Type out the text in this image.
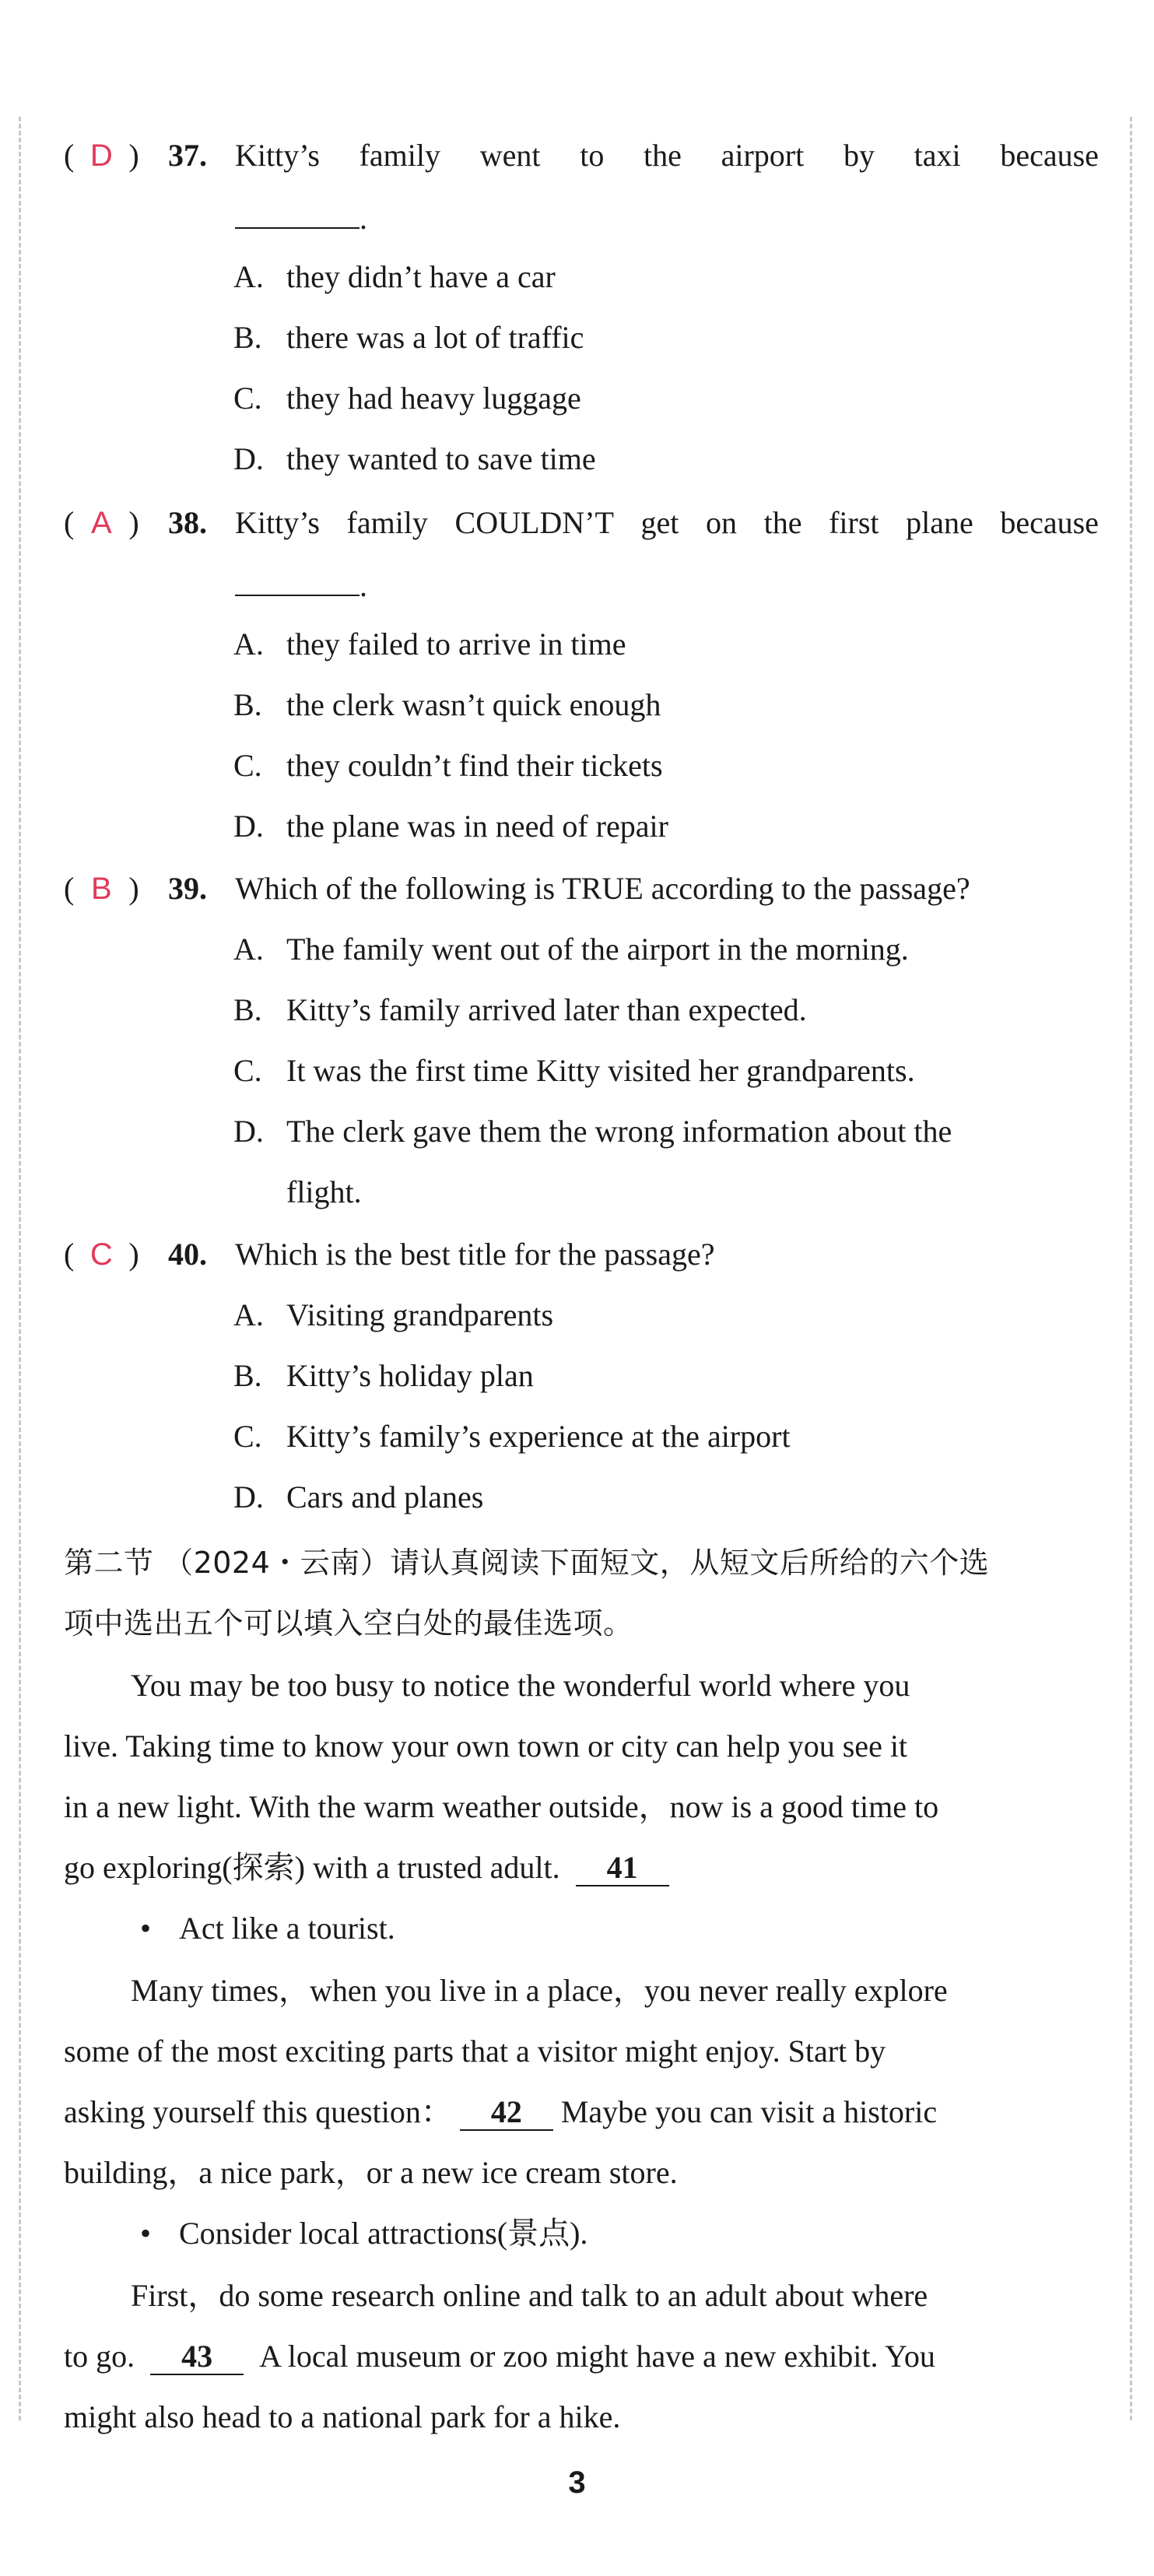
( D ) 37. Kitty’s family went to the airport by taxi because
.
A. they didn’t have a car
B. there was a lot of traffic
C. they had heavy luggage
D. they wanted to save time
( A ) 38. Kitty’s family COULDN’T get on the first plane because
.
A. they failed to arrive in time
B. the clerk wasn’t quick enough
C. they couldn’t find their tickets
D. the plane was in need of repair
( B ) 39. Which of the following is TRUE according to the passage?
A. The family went out of the airport in the morning.
B. Kitty’s family arrived later than expected.
C. It was the first time Kitty visited her grandparents.
D. The clerk gave them the wrong information about the
flight.
( C ) 40. Which is the best title for the passage?
A. Visiting grandparents
B. Kitty’s holiday plan
C. Kitty’s family’s experience at the airport
D. Cars and planes
第二节 （2024・云南）请认真阅读下面短文，从短文后所给的六个选
项中选出五个可以填入空白处的最佳选项。
You may be too busy to notice the wonderful world where you
live. Taking time to know your own town or city can help you see it
in a new light. With the warm weather outside，now is a good time to
go exploring(探索) with a trusted adult. 41
• Act like a tourist.
Many times，when you live in a place，you never really explore
some of the most exciting parts that a visitor might enjoy. Start by
asking yourself this question： 42 Maybe you can visit a historic
building，a nice park，or a new ice cream store.
• Consider local attractions(景点).
First，do some research online and talk to an adult about where
to go. 43 A local museum or zoo might have a new exhibit. You
might also head to a national park for a hike.
3
